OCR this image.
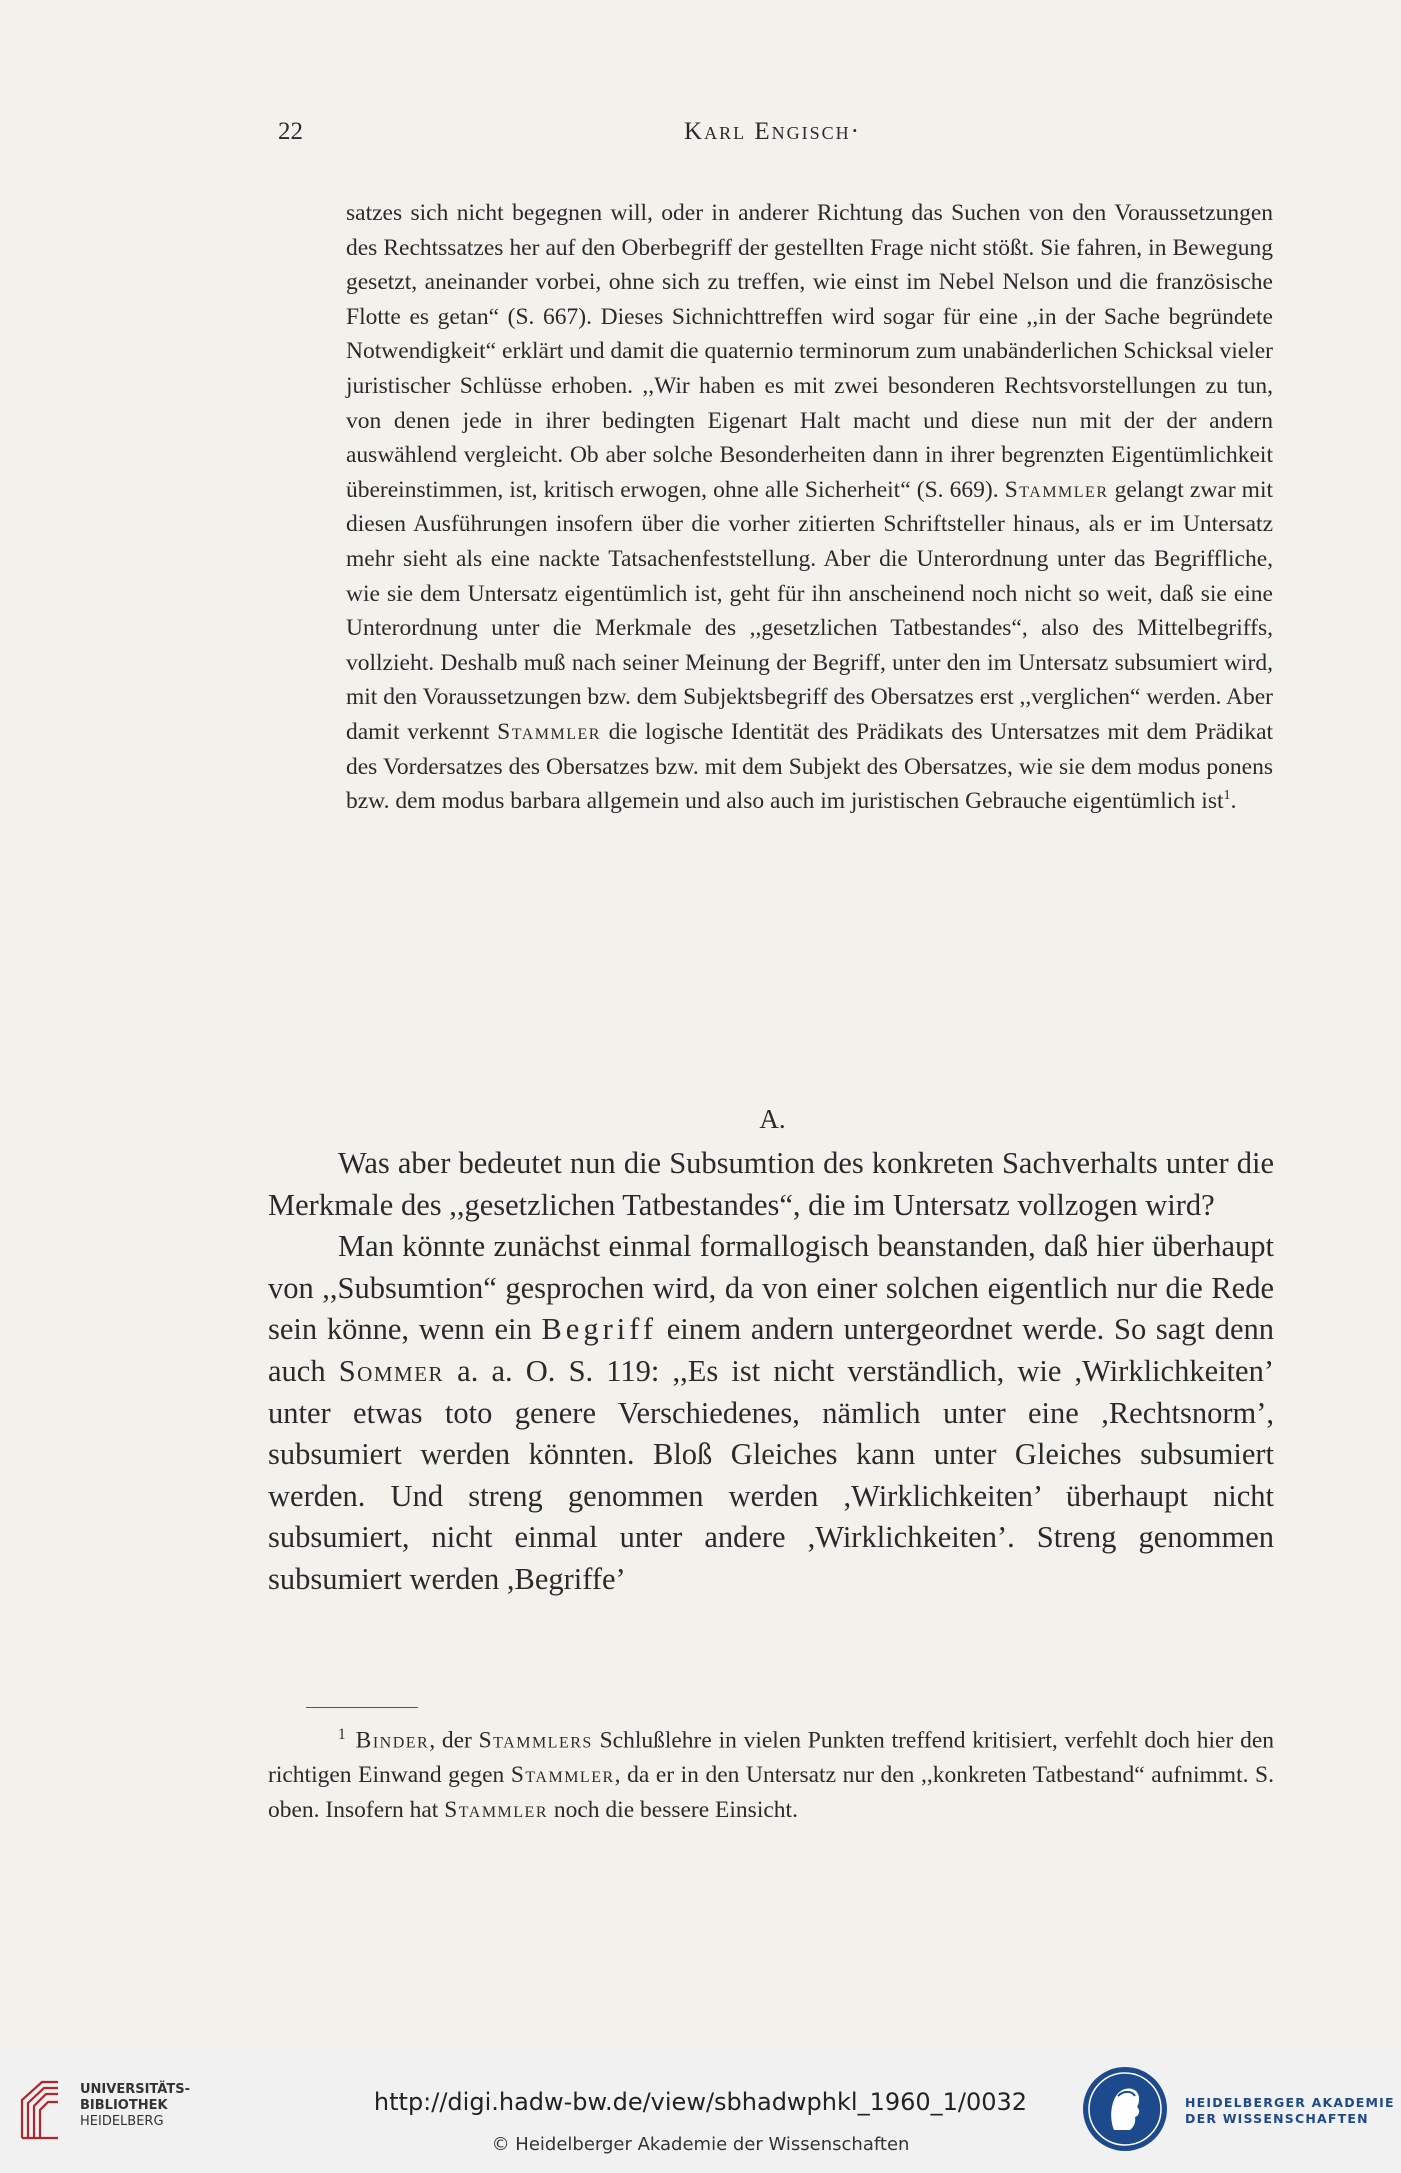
22	Karl Engisch·

satzes sich nicht begegnen will, oder in anderer Richtung das Suchen von den Voraussetzungen des Rechtssatzes her auf den Oberbegriff der gestellten Frage nicht stößt. Sie fahren, in Bewegung gesetzt, aneinander vorbei, ohne sich zu treffen, wie einst im Nebel Nelson und die französische Flotte es getan“ (S. 667). Dieses Sichnichttreffen wird sogar für eine ,,in der Sache begründete Notwendigkeit“ erklärt und damit die quaternio terminorum zum unabänderlichen Schicksal vieler juristischer Schlüsse erhoben. ,,Wir haben es mit zwei besonderen Rechtsvorstellungen zu tun, von denen jede in ihrer bedingten Eigenart Halt macht und diese nun mit der der andern auswählend vergleicht. Ob aber solche Besonderheiten dann in ihrer begrenzten Eigentümlichkeit übereinstimmen, ist, kritisch erwogen, ohne alle Sicherheit“ (S. 669). Stammler gelangt zwar mit diesen Ausführungen insofern über die vorher zitierten Schriftsteller hinaus, als er im Untersatz mehr sieht als eine nackte Tatsachenfeststellung. Aber die Unterordnung unter das Begriffliche, wie sie dem Untersatz eigentümlich ist, geht für ihn anscheinend noch nicht so weit, daß sie eine Unterordnung unter die Merkmale des ,,gesetzlichen Tatbestandes“, also des Mittelbegriffs, vollzieht. Deshalb muß nach seiner Meinung der Begriff, unter den im Untersatz subsumiert wird, mit den Voraussetzungen bzw. dem Subjektsbegriff des Obersatzes erst ,,verglichen“ werden. Aber damit verkennt Stammler die logische Identität des Prädikats des Untersatzes mit dem Prädikat des Vordersatzes des Obersatzes bzw. mit dem Subjekt des Obersatzes, wie sie dem modus ponens bzw. dem modus barbara allgemein und also auch im juristischen Gebrauche eigentümlich ist$^1$.

A.

Was aber bedeutet nun die Subsumtion des konkreten Sachverhalts unter die Merkmale des ,,gesetzlichen Tatbestandes“, die im Untersatz vollzogen wird?

Man könnte zunächst einmal formallogisch beanstanden, daß hier überhaupt von ,,Subsumtion“ gesprochen wird, da von einer solchen eigentlich nur die Rede sein könne, wenn ein Begriff einem andern untergeordnet werde. So sagt denn auch Sommer a. a. O. S. 119: ,,Es ist nicht verständlich, wie ,Wirklichkeiten’ unter etwas toto genere Verschiedenes, nämlich unter eine ,Rechtsnorm’, subsumiert werden könnten. Bloß Gleiches kann unter Gleiches subsumiert werden. Und streng genommen werden ,Wirklichkeiten’ überhaupt nicht subsumiert, nicht einmal unter andere ,Wirklichkeiten’. Streng genommen subsumiert werden ,Begriffe’

$^1$ Binder, der Stammlers Schlußlehre in vielen Punkten treffend kritisiert, verfehlt doch hier den richtigen Einwand gegen Stammler, da er in den Untersatz nur den ,,konkreten Tatbestand“ aufnimmt. S. oben. Insofern hat Stammler noch die bessere Einsicht.

UNIVERSITÄTS-
BIBLIOTHEK
HEIDELBERG
http://digi.hadw-bw.de/view/sbhadwphkl_1960_1/0032
© Heidelberger Akademie der Wissenschaften
HEIDELBERGER AKADEMIE
DER WISSENSCHAFTEN
